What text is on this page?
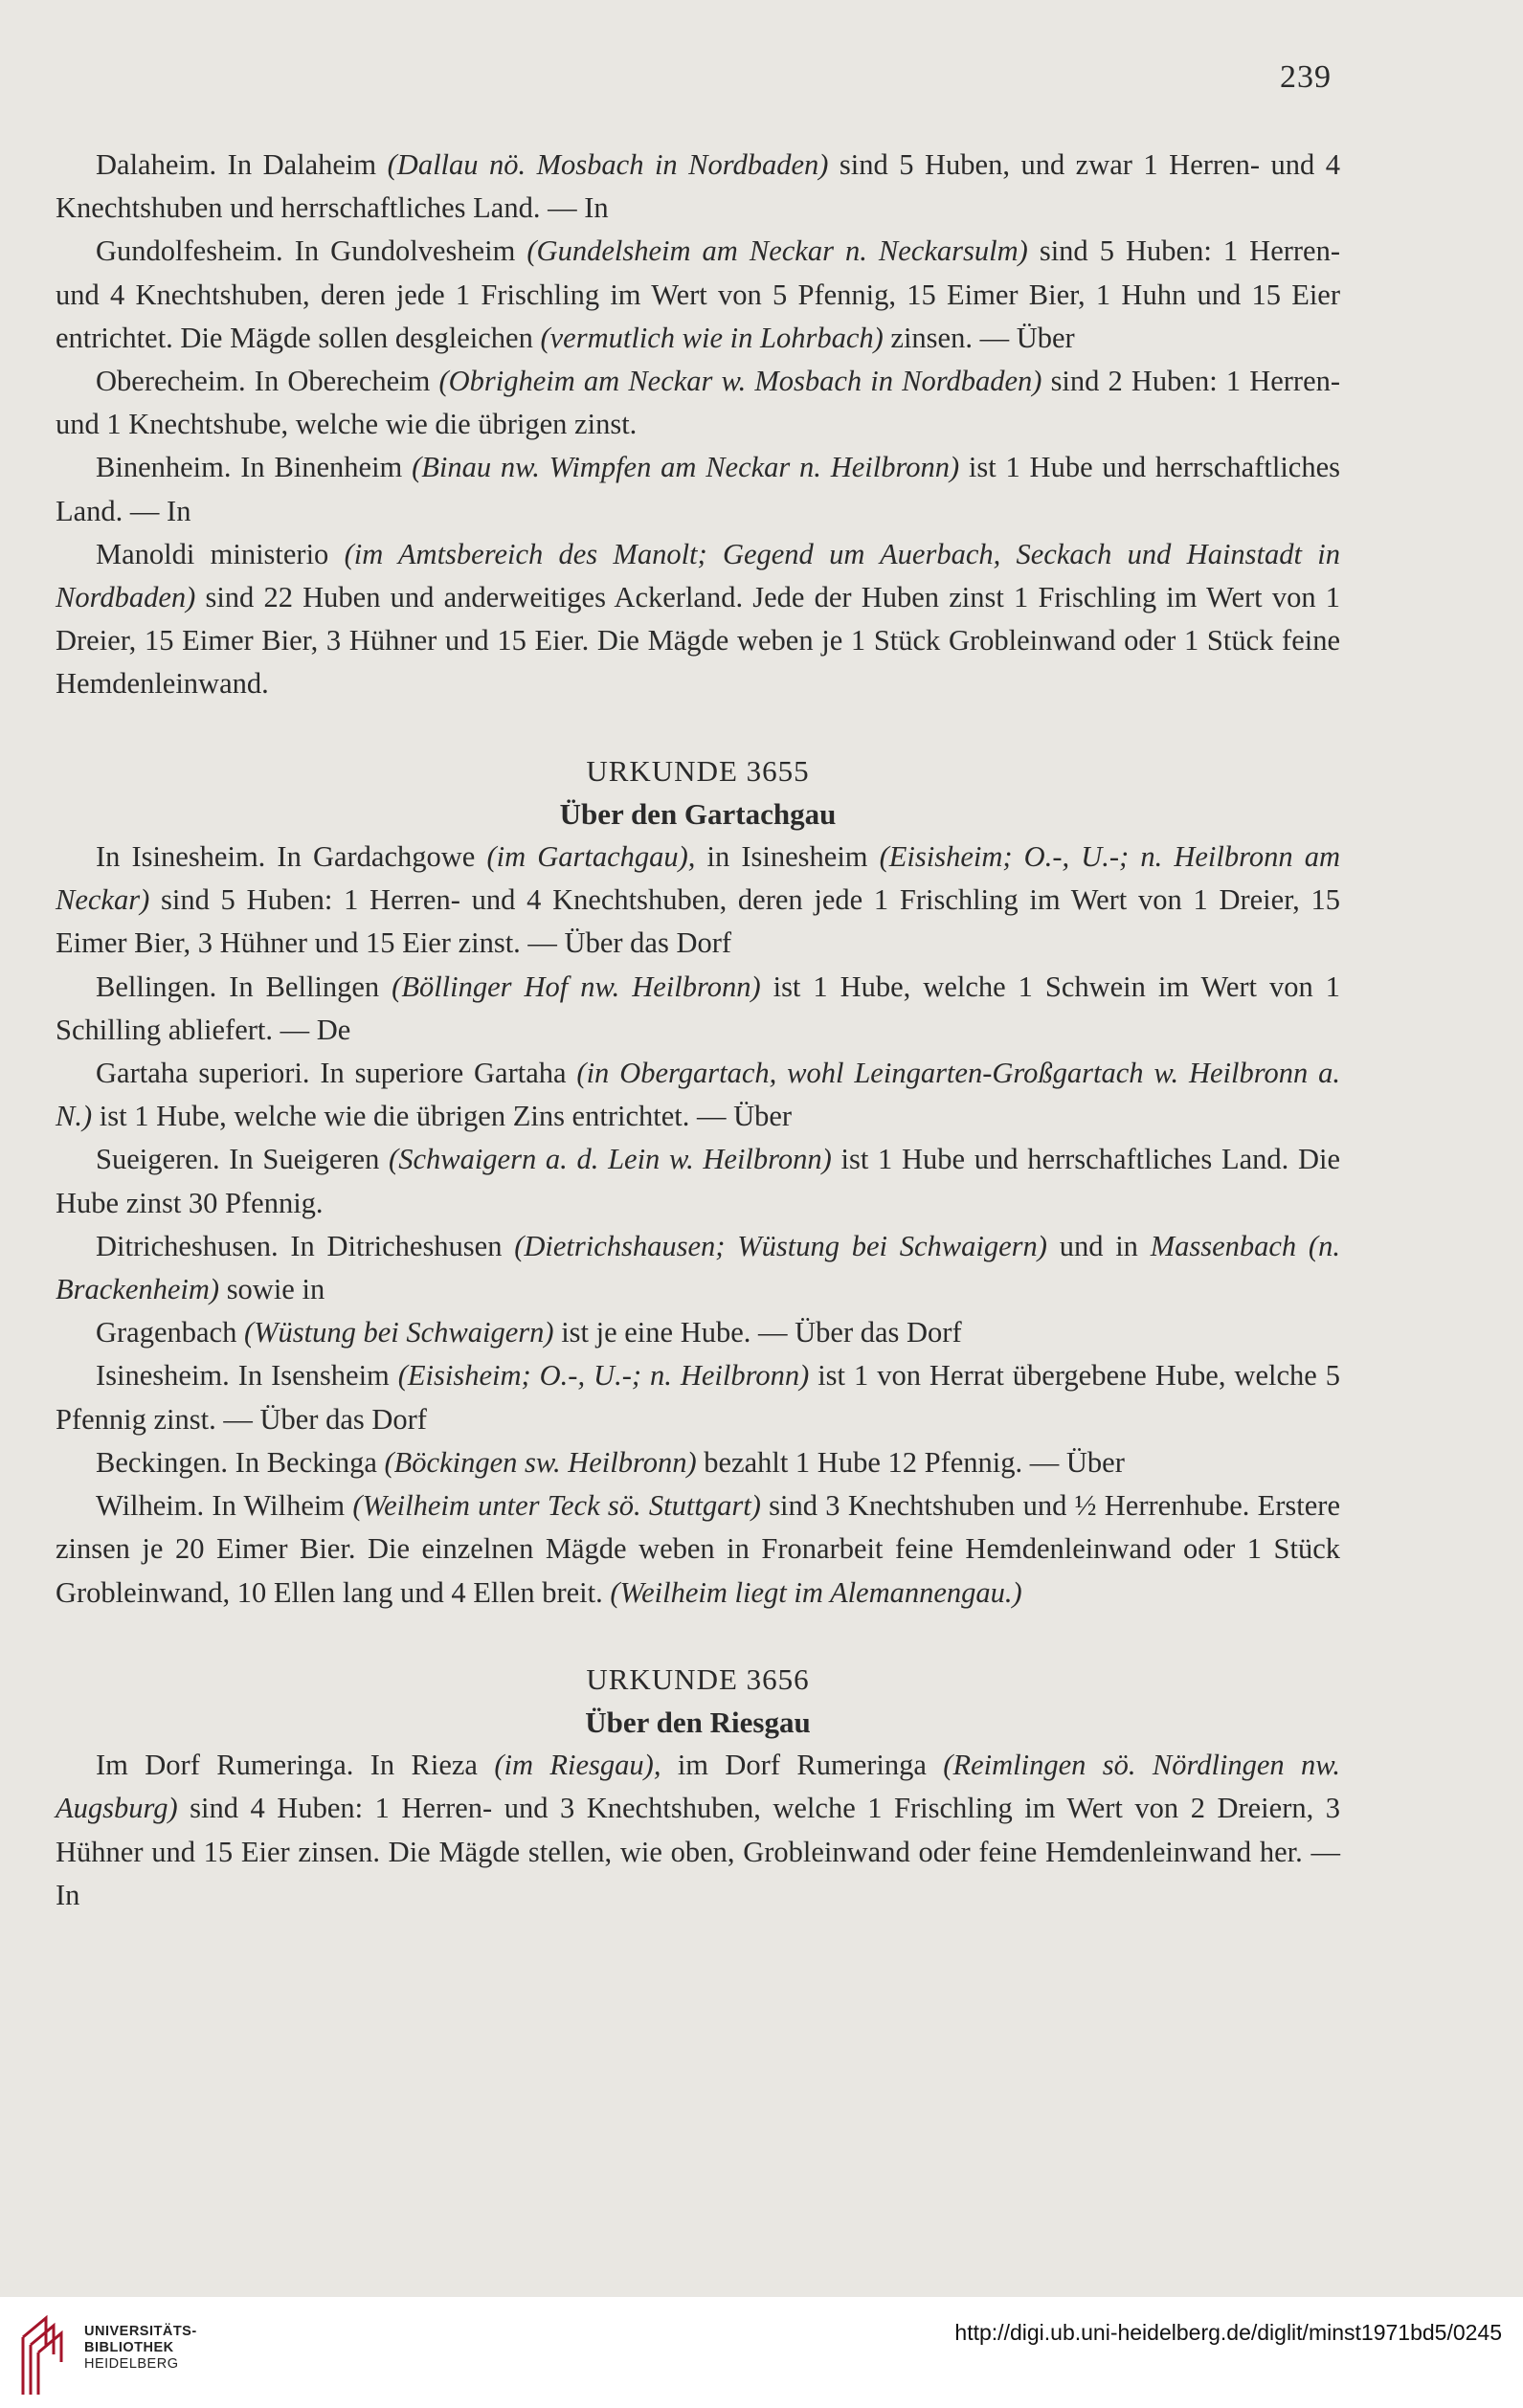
239

Dalaheim. In Dalaheim (Dallau nö. Mosbach in Nordbaden) sind 5 Huben, und zwar 1 Herren- und 4 Knechtshuben und herrschaftliches Land. — In

Gundolfesheim. In Gundolvesheim (Gundelsheim am Neckar n. Neckarsulm) sind 5 Huben: 1 Herren- und 4 Knechtshuben, deren jede 1 Frischling im Wert von 5 Pfennig, 15 Eimer Bier, 1 Huhn und 15 Eier entrichtet. Die Mägde sollen desgleichen (vermutlich wie in Lohrbach) zinsen. — Über

Oberecheim. In Oberecheim (Obrigheim am Neckar w. Mosbach in Nordbaden) sind 2 Huben: 1 Herren- und 1 Knechtshube, welche wie die übrigen zinst.

Binenheim. In Binenheim (Binau nw. Wimpfen am Neckar n. Heilbronn) ist 1 Hube und herrschaftliches Land. — In

Manoldi ministerio (im Amtsbereich des Manolt; Gegend um Auerbach, Seckach und Hainstadt in Nordbaden) sind 22 Huben und anderweitiges Ackerland. Jede der Huben zinst 1 Frischling im Wert von 1 Dreier, 15 Eimer Bier, 3 Hühner und 15 Eier. Die Mägde weben je 1 Stück Grobleinwand oder 1 Stück feine Hemdenleinwand.

URKUNDE 3655

Über den Gartachgau

In Isinesheim. In Gardachgowe (im Gartachgau), in Isinesheim (Eisisheim; O.-, U.-; n. Heilbronn am Neckar) sind 5 Huben: 1 Herren- und 4 Knechtshuben, deren jede 1 Frischling im Wert von 1 Dreier, 15 Eimer Bier, 3 Hühner und 15 Eier zinst. — Über das Dorf

Bellingen. In Bellingen (Böllinger Hof nw. Heilbronn) ist 1 Hube, welche 1 Schwein im Wert von 1 Schilling abliefert. — De

Gartaha superiori. In superiore Gartaha (in Obergartach, wohl Leingarten-Großgartach w. Heilbronn a. N.) ist 1 Hube, welche wie die übrigen Zins entrichtet. — Über

Sueigeren. In Sueigeren (Schwaigern a. d. Lein w. Heilbronn) ist 1 Hube und herrschaftliches Land. Die Hube zinst 30 Pfennig.

Ditricheshusen. In Ditricheshusen (Dietrichshausen; Wüstung bei Schwaigern) und in Massenbach (n. Brackenheim) sowie in

Gragenbach (Wüstung bei Schwaigern) ist je eine Hube. — Über das Dorf

Isinesheim. In Isensheim (Eisisheim; O.-, U.-; n. Heilbronn) ist 1 von Herrat übergebene Hube, welche 5 Pfennig zinst. — Über das Dorf

Beckingen. In Beckinga (Böckingen sw. Heilbronn) bezahlt 1 Hube 12 Pfennig. — Über

Wilheim. In Wilheim (Weilheim unter Teck sö. Stuttgart) sind 3 Knechtshuben und ½ Herrenhube. Erstere zinsen je 20 Eimer Bier. Die einzelnen Mägde weben in Fronarbeit feine Hemdenleinwand oder 1 Stück Grobleinwand, 10 Ellen lang und 4 Ellen breit. (Weilheim liegt im Alemannengau.)

URKUNDE 3656

Über den Riesgau

Im Dorf Rumeringa. In Rieza (im Riesgau), im Dorf Rumeringa (Reimlingen sö. Nördlingen nw. Augsburg) sind 4 Huben: 1 Herren- und 3 Knechtshuben, welche 1 Frischling im Wert von 2 Dreiern, 3 Hühner und 15 Eier zinsen. Die Mägde stellen, wie oben, Grobleinwand oder feine Hemdenleinwand her. — In

UNIVERSITÄTS-
BIBLIOTHEK
HEIDELBERG
http://digi.ub.uni-heidelberg.de/diglit/minst1971bd5/0245
